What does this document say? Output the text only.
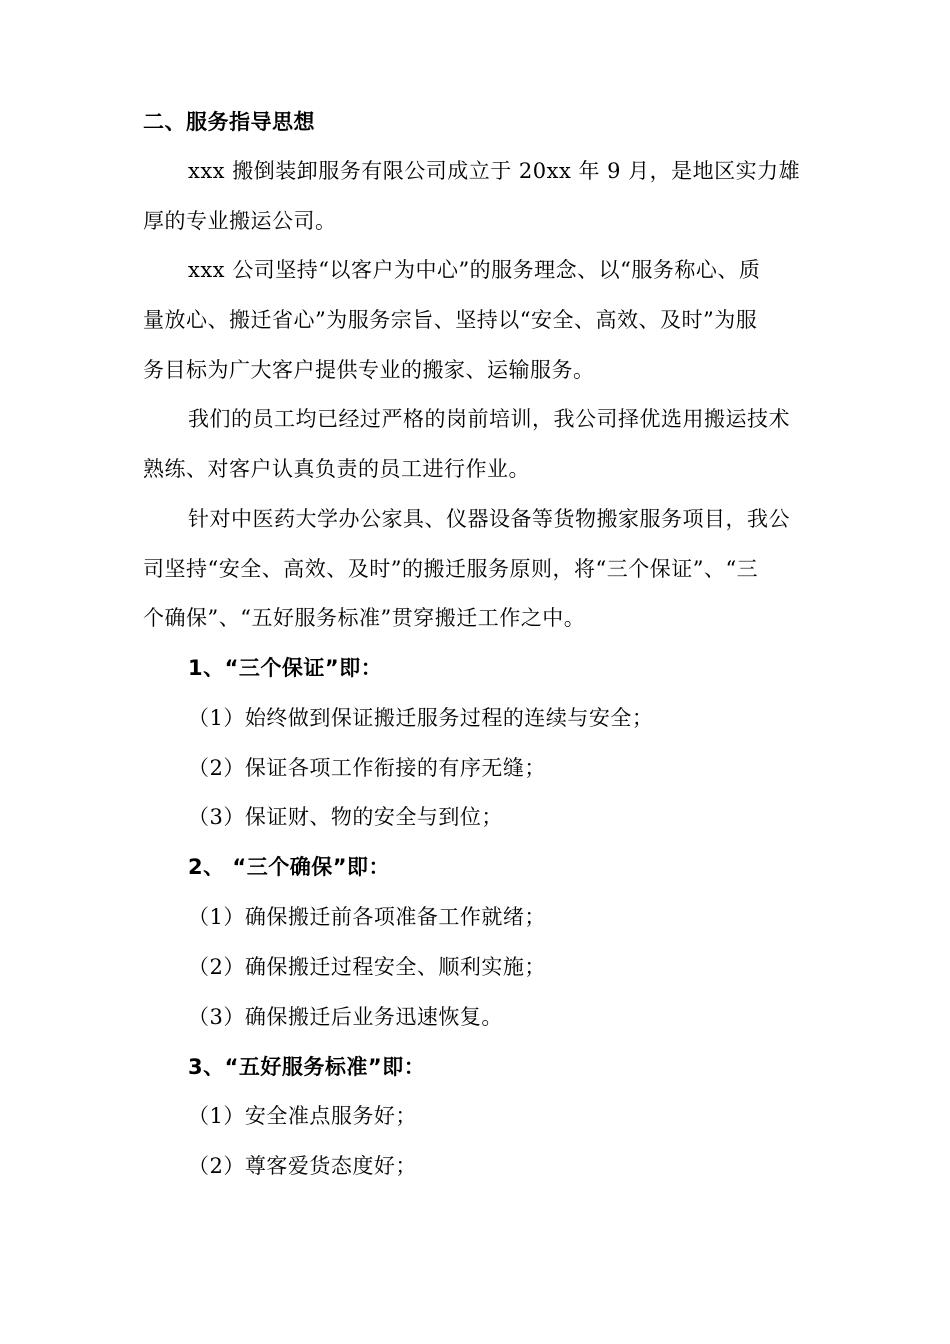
二、服务指导思想
xxx 搬倒装卸服务有限公司成立于 20xx 年 9 月，是地区实力雄
厚的专业搬运公司。
xxx 公司坚持“以客户为中心”的服务理念、以“服务称心、质
量放心、搬迁省心”为服务宗旨、坚持以“安全、高效、及时”为服
务目标为广大客户提供专业的搬家、运输服务。
我们的员工均已经过严格的岗前培训，我公司择优选用搬运技术
熟练、对客户认真负责的员工进行作业。
针对中医药大学办公家具、仪器设备等货物搬家服务项目，我公
司坚持“安全、高效、及时”的搬迁服务原则，将“三个保证”、“三
个确保”、“五好服务标准”贯穿搬迁工作之中。
1、“三个保证”即：
（1）始终做到保证搬迁服务过程的连续与安全；
（2）保证各项工作衔接的有序无缝；
（3）保证财、物的安全与到位；
2、 “三个确保”即：
（1）确保搬迁前各项准备工作就绪；
（2）确保搬迁过程安全、顺利实施；
（3）确保搬迁后业务迅速恢复。
3、“五好服务标准”即：
（1）安全准点服务好；
（2）尊客爱货态度好；
